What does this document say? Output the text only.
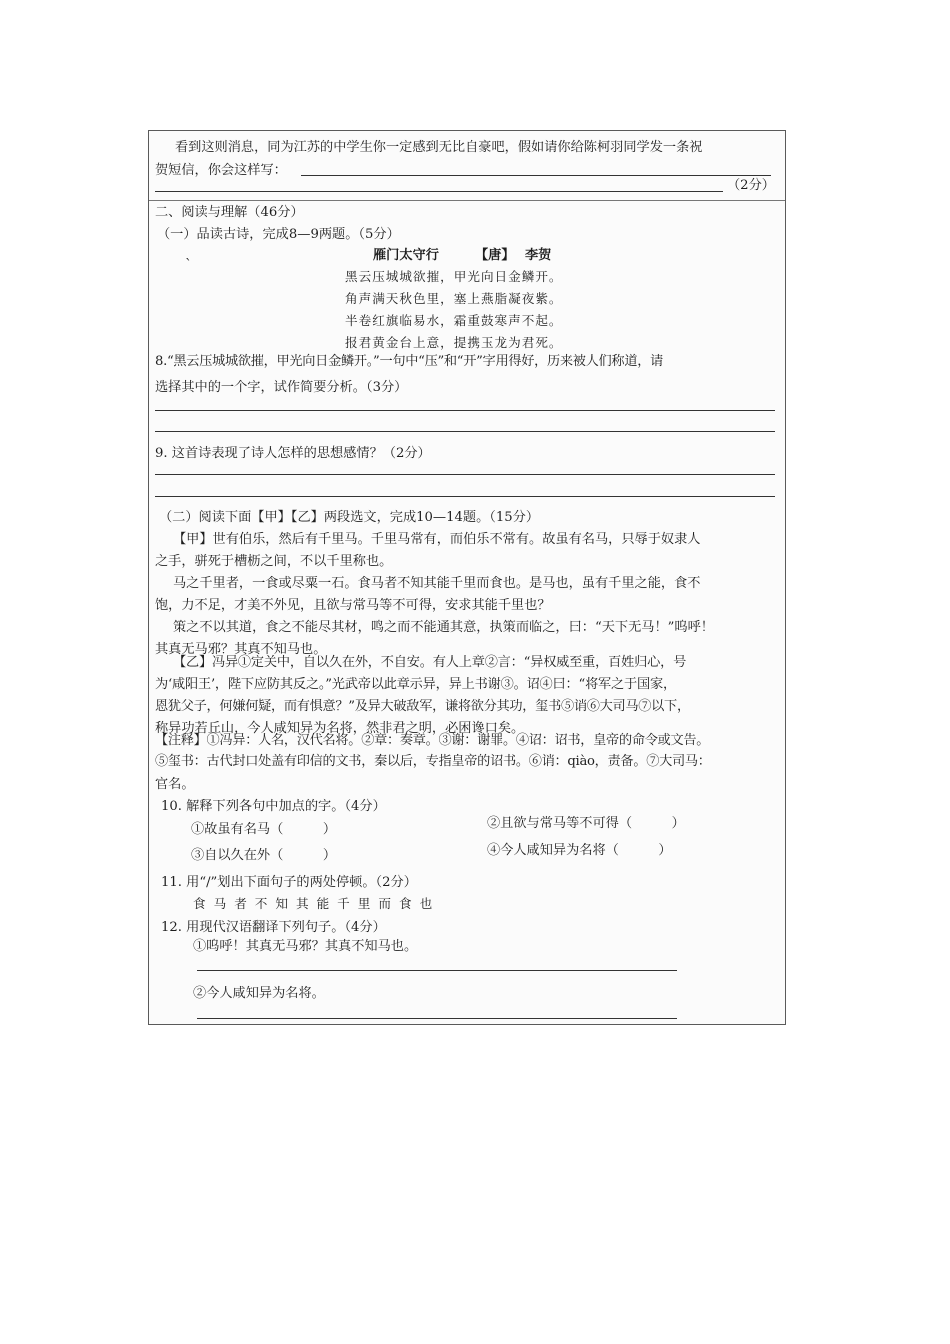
看到这则消息，同为江苏的中学生你一定感到无比自豪吧，假如请你给陈柯羽同学发一条祝
贺短信，你会这样写：
（2分）
二、阅读与理解（46分）
（一）品读古诗，完成8—9两题。（5分）
雁门太守行	【唐】 李贺
ˋ
黑云压城城欲摧，甲光向日金鳞开。
角声满天秋色里，塞上燕脂凝夜紫。
半卷红旗临易水，霜重鼓寒声不起。
报君黄金台上意，提携玉龙为君死。
8.“黑云压城城欲摧，甲光向日金鳞开。”一句中“压”和“开”字用得好，历来被人们称道，请
选择其中的一个字，试作简要分析。（3分）
9. 这首诗表现了诗人怎样的思想感情？（2分）
（二）阅读下面【甲】【乙】两段选文，完成10—14题。（15分）
【甲】世有伯乐，然后有千里马。千里马常有，而伯乐不常有。故虽有名马，只辱于奴隶人
之手，骈死于槽枥之间，不以千里称也。
马之千里者，一食或尽粟一石。食马者不知其能千里而食也。是马也，虽有千里之能，食不
饱，力不足，才美不外见，且欲与常马等不可得，安求其能千里也？
策之不以其道，食之不能尽其材，鸣之而不能通其意，执策而临之，曰：“天下无马！”呜呼！
其真无马邪？其真不知马也。
【乙】冯异①定关中，自以久在外，不自安。有人上章②言：“异权威至重，百姓归心，号
为‘咸阳王’，陛下应防其反之。”光武帝以此章示异，异上书谢③。诏④曰：“将军之于国家，
恩犹父子，何嫌何疑，而有惧意？”及异大破敌军，谦将欲分其功，玺书⑤诮⑥大司马⑦以下，
称异功若丘山，今人咸知异为名将，然非君之明，必困谗口矣。
【注释】①冯异：人名，汉代名将。②章：奏章。③谢：谢罪。④诏：诏书，皇帝的命令或文告。
⑤玺书：古代封口处盖有印信的文书，秦以后，专指皇帝的诏书。⑥诮：qiào，责备。⑦大司马：
官名。
10. 解释下列各句中加点的字。（4分）
①故虽有名马（　　　）	②且欲与常马等不可得（　　　）
③自以久在外（　　　）	④今人咸知异为名将（　　　）
11. 用“/”划出下面句子的两处停顿。（2分）
食 马 者 不 知 其 能 千 里 而 食 也
12. 用现代汉语翻译下列句子。（4分）
①呜呼！其真无马邪？其真不知马也。
②今人咸知异为名将。
